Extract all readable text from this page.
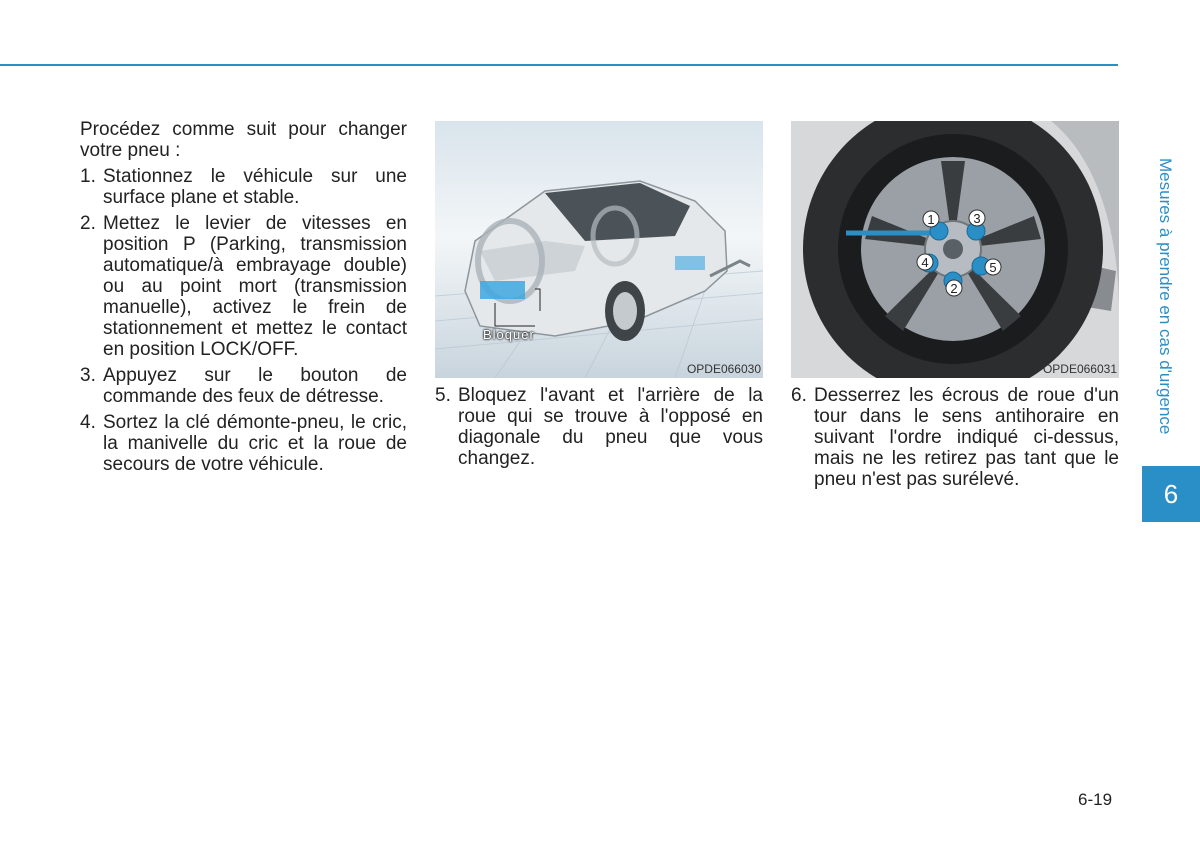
Procédez comme suit pour changer votre pneu :

1. Stationnez le véhicule sur une surface plane et stable.
2. Mettez le levier de vitesses en position P (Parking, transmission automatique/à embrayage double) ou au point mort (transmission manuelle), activez le frein de stationnement et mettez le contact en position LOCK/OFF.
3. Appuyez sur le bouton de commande des feux de détresse.
4. Sortez la clé démonte-pneu, le cric, la manivelle du cric et la roue de secours de votre véhicule.
Bloquer
OPDE066030
1	3
4	5
2
OPDE066031
5. Bloquez l'avant et l'arrière de la roue qui se trouve à l'opposé en diagonale du pneu que vous changez.
6. Desserrez les écrous de roue d'un tour dans le sens antihoraire en suivant l'ordre indiqué ci-dessus, mais ne les retirez pas tant que le pneu n'est pas surélevé.
Mesures à prendre en cas d'urgence
6
6-19
